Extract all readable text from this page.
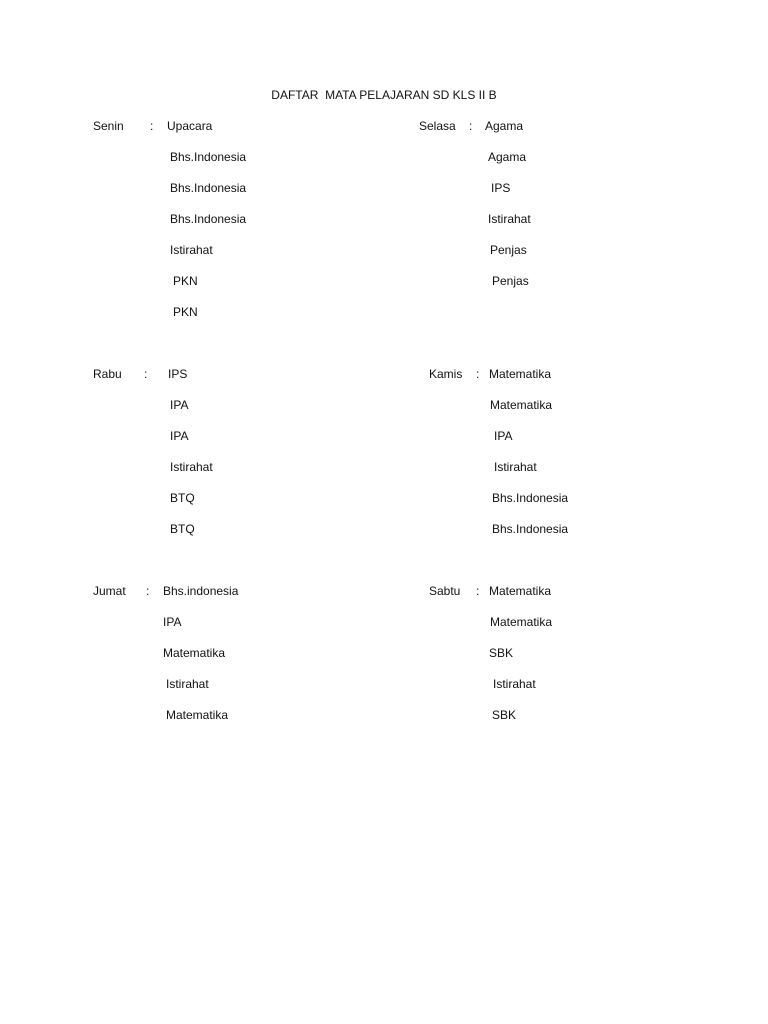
DAFTAR  MATA PELAJARAN SD KLS II B
Senin : Upacara
Bhs.Indonesia
Bhs.Indonesia
Bhs.Indonesia
Istirahat
PKN
PKN
Selasa : Agama
Agama
IPS
Istirahat
Penjas
Penjas
Rabu : IPS
IPA
IPA
Istirahat
BTQ
BTQ
Kamis : Matematika
Matematika
IPA
Istirahat
Bhs.Indonesia
Bhs.Indonesia
Jumat : Bhs.indonesia
IPA
Matematika
Istirahat
Matematika
Sabtu : Matematika
Matematika
SBK
Istirahat
SBK
